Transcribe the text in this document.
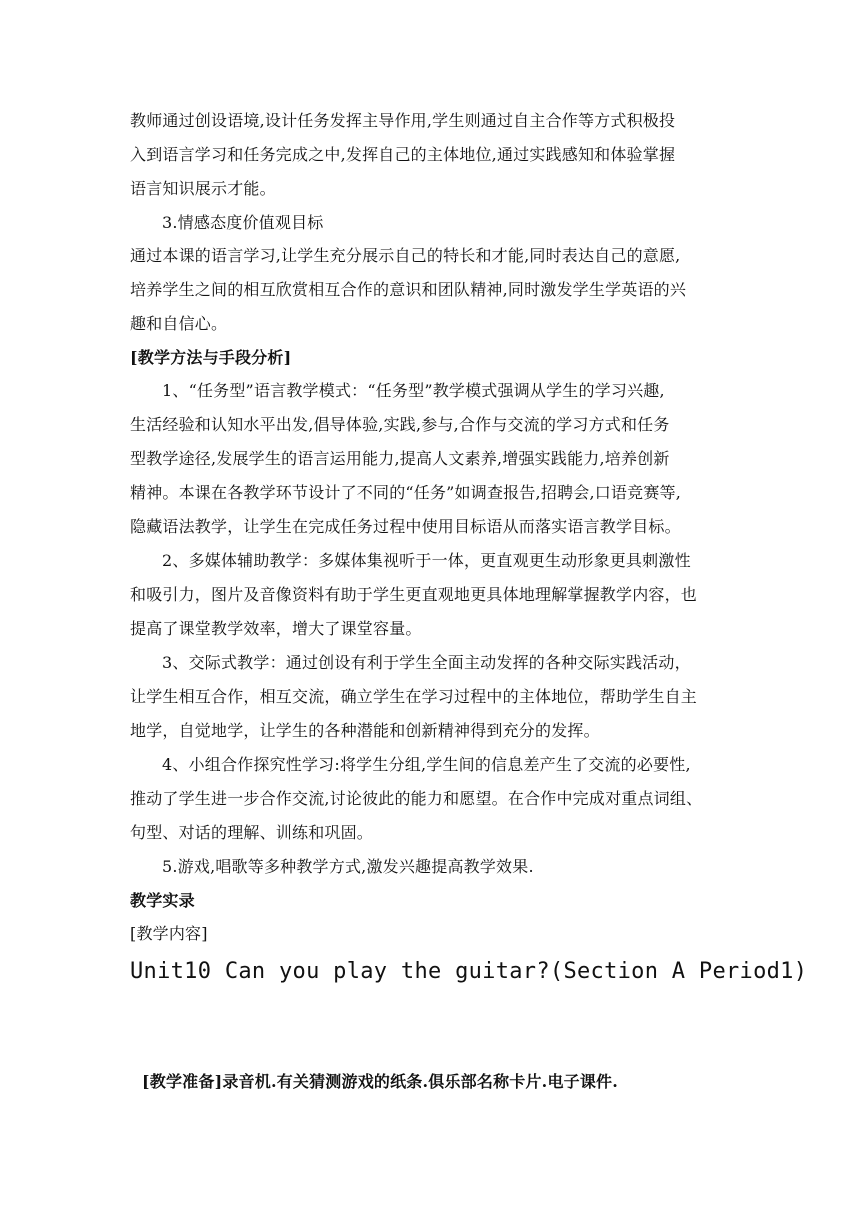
教师通过创设语境,设计任务发挥主导作用,学生则通过自主合作等方式积极投
入到语言学习和任务完成之中,发挥自己的主体地位,通过实践感知和体验掌握
语言知识展示才能。
3.情感态度价值观目标
通过本课的语言学习,让学生充分展示自己的特长和才能,同时表达自己的意愿,
培养学生之间的相互欣赏相互合作的意识和团队精神,同时激发学生学英语的兴
趣和自信心。
[教学方法与手段分析]
1、“任务型”语言教学模式：“任务型”教学模式强调从学生的学习兴趣,
生活经验和认知水平出发,倡导体验,实践,参与,合作与交流的学习方式和任务
型教学途径,发展学生的语言运用能力,提高人文素养,增强实践能力,培养创新
精神。本课在各教学环节设计了不同的“任务”如调查报告,招聘会,口语竞赛等,
隐藏语法教学，让学生在完成任务过程中使用目标语从而落实语言教学目标。
2、多媒体辅助教学：多媒体集视听于一体，更直观更生动形象更具刺激性
和吸引力，图片及音像资料有助于学生更直观地更具体地理解掌握教学内容，也
提高了课堂教学效率，增大了课堂容量。
3、交际式教学：通过创设有利于学生全面主动发挥的各种交际实践活动，
让学生相互合作，相互交流，确立学生在学习过程中的主体地位，帮助学生自主
地学，自觉地学，让学生的各种潜能和创新精神得到充分的发挥。
4、小组合作探究性学习:将学生分组,学生间的信息差产生了交流的必要性,
推动了学生进一步合作交流,讨论彼此的能力和愿望。在合作中完成对重点词组、
句型、对话的理解、训练和巩固。
5.游戏,唱歌等多种教学方式,激发兴趣提高教学效果.
教学实录
[教学内容]
Unit10 Can you play the guitar?(Section A Period1)
[教学准备]录音机.有关猜测游戏的纸条.俱乐部名称卡片.电子课件.
